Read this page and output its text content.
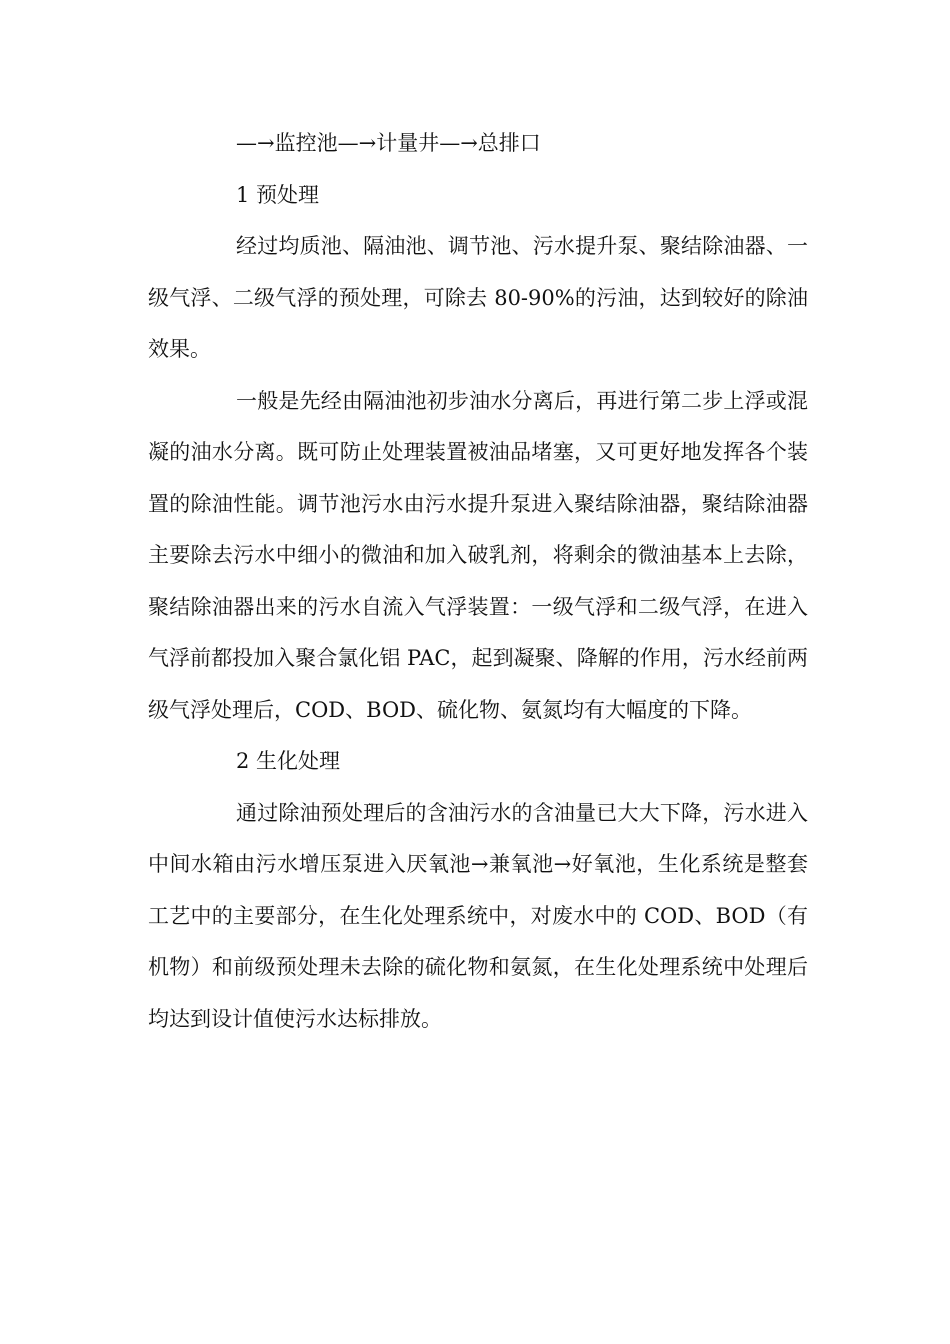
—→监控池—→计量井—→总排口

1 预处理

经过均质池、隔油池、调节池、污水提升泵、聚结除油器、一级气浮、二级气浮的预处理，可除去 80-90%的污油，达到较好的除油效果。

一般是先经由隔油池初步油水分离后，再进行第二步上浮或混凝的油水分离。既可防止处理装置被油品堵塞，又可更好地发挥各个装置的除油性能。调节池污水由污水提升泵进入聚结除油器，聚结除油器主要除去污水中细小的微油和加入破乳剂，将剩余的微油基本上去除，聚结除油器出来的污水自流入气浮装置：一级气浮和二级气浮，在进入气浮前都投加入聚合氯化铝 PAC，起到凝聚、降解的作用，污水经前两级气浮处理后，COD、BOD、硫化物、氨氮均有大幅度的下降。

2 生化处理

通过除油预处理后的含油污水的含油量已大大下降，污水进入中间水箱由污水增压泵进入厌氧池→兼氧池→好氧池，生化系统是整套工艺中的主要部分，在生化处理系统中，对废水中的 COD、BOD（有机物）和前级预处理未去除的硫化物和氨氮，在生化处理系统中处理后均达到设计值使污水达标排放。
